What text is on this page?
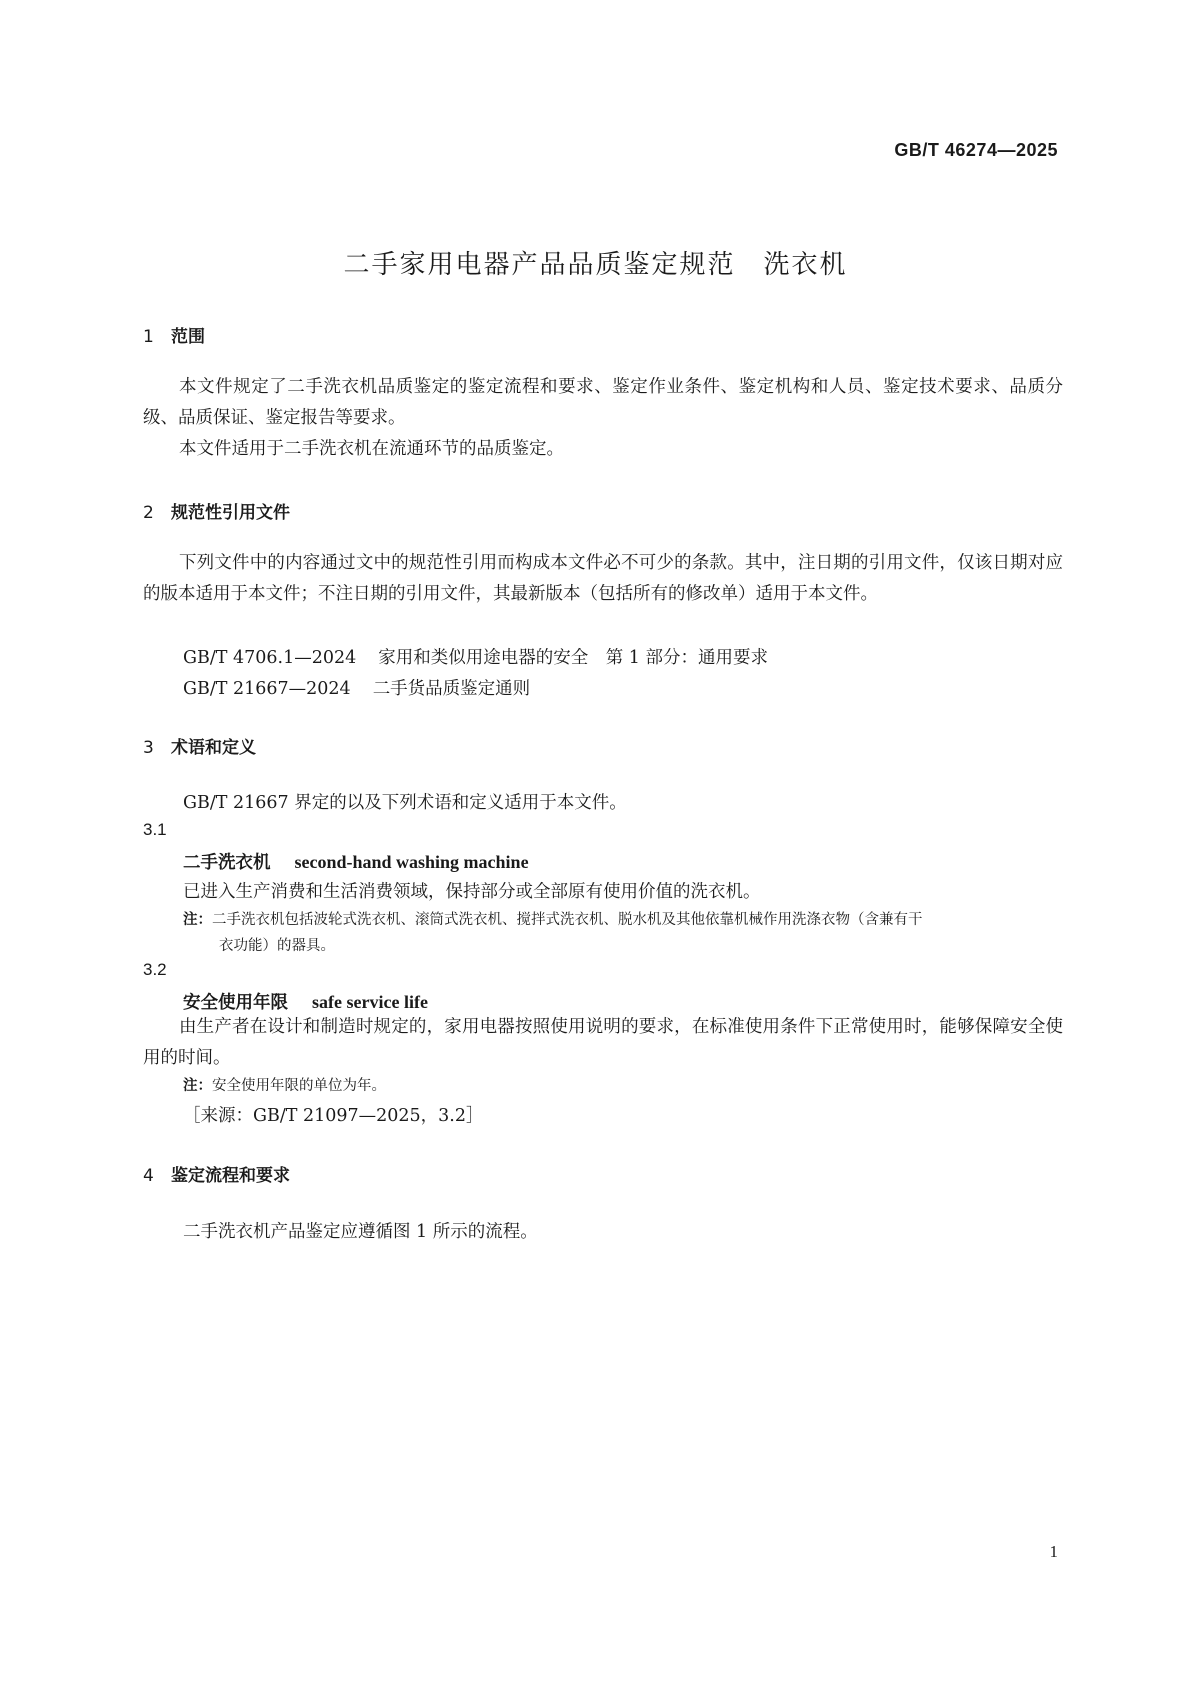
GB/T 46274—2025
二手家用电器产品品质鉴定规范　洗衣机
1 范围
本文件规定了二手洗衣机品质鉴定的鉴定流程和要求、鉴定作业条件、鉴定机构和人员、鉴定技术要求、品质分级、品质保证、鉴定报告等要求。
本文件适用于二手洗衣机在流通环节的品质鉴定。
2 规范性引用文件
下列文件中的内容通过文中的规范性引用而构成本文件必不可少的条款。其中，注日期的引用文件，仅该日期对应的版本适用于本文件；不注日期的引用文件，其最新版本（包括所有的修改单）适用于本文件。
GB/T 4706.1—2024 家用和类似用途电器的安全　第 1 部分：通用要求
GB/T 21667—2024 二手货品质鉴定通则
3 术语和定义
GB/T 21667 界定的以及下列术语和定义适用于本文件。
3.1
二手洗衣机 second-hand washing machine
已进入生产消费和生活消费领域，保持部分或全部原有使用价值的洗衣机。
注：二手洗衣机包括波轮式洗衣机、滚筒式洗衣机、搅拌式洗衣机、脱水机及其他依靠机械作用洗涤衣物（含兼有干
衣功能）的器具。
3.2
安全使用年限 safe service life
由生产者在设计和制造时规定的，家用电器按照使用说明的要求，在标准使用条件下正常使用时，能够保障安全使用的时间。
注：安全使用年限的单位为年。
［来源：GB/T 21097—2025，3.2］
4 鉴定流程和要求
二手洗衣机产品鉴定应遵循图 1 所示的流程。
1
